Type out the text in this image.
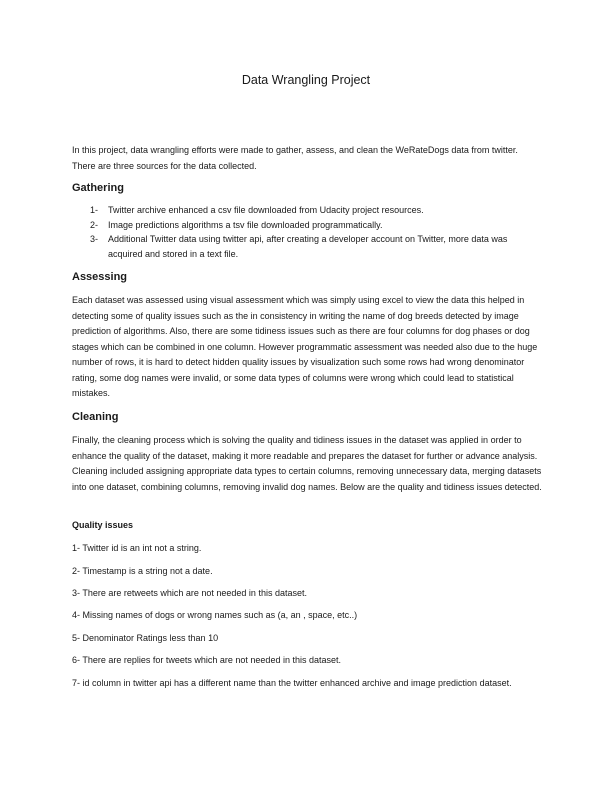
Data Wrangling Project

In this project, data wrangling efforts were made to gather, assess, and clean the WeRateDogs data from twitter. There are three sources for the data collected.

Gathering
1- Twitter archive enhanced a csv file downloaded from Udacity project resources.
2- Image predictions algorithms a tsv file downloaded programmatically.
3- Additional Twitter data using twitter api, after creating a developer account on Twitter, more data was acquired and stored in a text file.
Assessing

Each dataset was assessed using visual assessment which was simply using excel to view the data this helped in detecting some of quality issues such as the in consistency in writing the name of dog breeds detected by image prediction of algorithms. Also, there are some tidiness issues such as there are four columns for dog phases or dog stages which can be combined in one column. However programmatic assessment was needed also due to the huge number of rows, it is hard to detect hidden quality issues by visualization such some rows had wrong denominator rating, some dog names were invalid, or some data types of columns were wrong which could lead to statistical mistakes.

Cleaning

Finally, the cleaning process which is solving the quality and tidiness issues in the dataset was applied in order to enhance the quality of the dataset, making it more readable and prepares the dataset for further or advance analysis. Cleaning included assigning appropriate data types to certain columns, removing unnecessary data, merging datasets into one dataset, combining columns, removing invalid dog names. Below are the quality and tidiness issues detected.

Quality issues

1- Twitter id is an int not a string.

2- Timestamp is a string not a date.

3- There are retweets which are not needed in this dataset.

4- Missing names of dogs or wrong names such as (a, an , space, etc..)

5- Denominator Ratings less than 10

6- There are replies for tweets which are not needed in this dataset.

7- id column in twitter api has a different name than the twitter enhanced archive and image prediction dataset.
